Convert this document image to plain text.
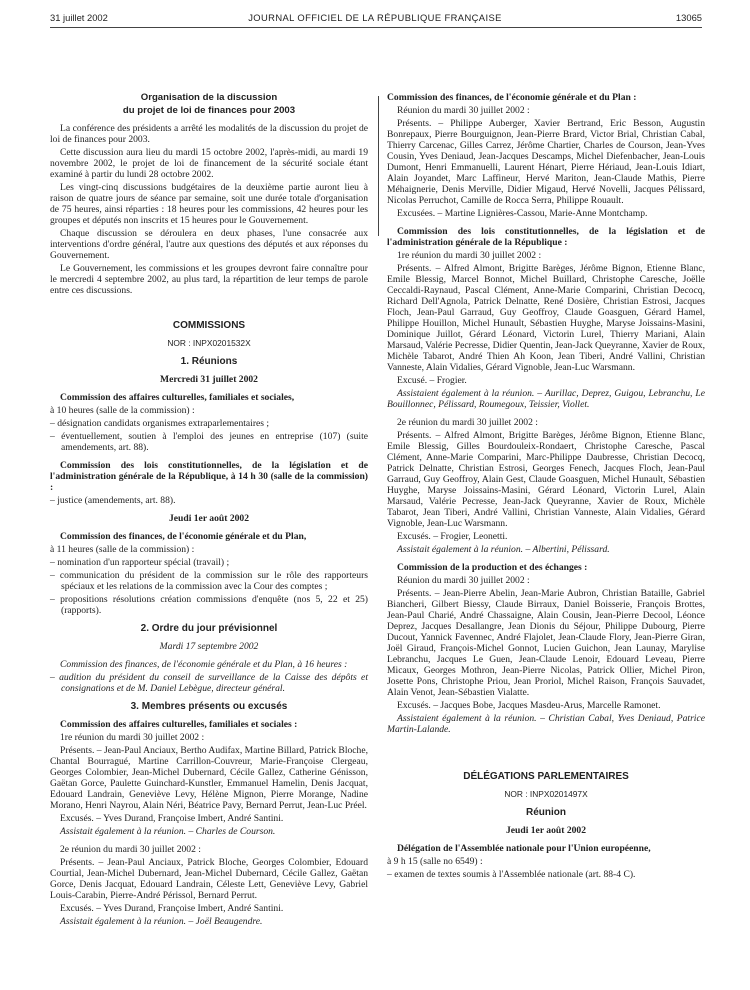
31 juillet 2002	JOURNAL OFFICIEL DE LA RÉPUBLIQUE FRANÇAISE	13065

Organisation de la discussion

du projet de loi de finances pour 2003

La conférence des présidents a arrêté les modalités de la discussion du projet de loi de finances pour 2003.

Cette discussion aura lieu du mardi 15 octobre 2002, l'après-midi, au mardi 19 novembre 2002, le projet de loi de financement de la sécurité sociale étant examiné à partir du lundi 28 octobre 2002.

Les vingt-cinq discussions budgétaires de la deuxième partie auront lieu à raison de quatre jours de séance par semaine, soit une durée totale d'organisation de 75 heures, ainsi réparties : 18 heures pour les commissions, 42 heures pour les groupes et députés non inscrits et 15 heures pour le Gouvernement.

Chaque discussion se déroulera en deux phases, l'une consacrée aux interventions d'ordre général, l'autre aux questions des députés et aux réponses du Gouvernement.

Le Gouvernement, les commissions et les groupes devront faire connaître pour le mercredi 4 septembre 2002, au plus tard, la répartition de leur temps de parole entre ces discussions.

COMMISSIONS

NOR : INPX0201532X

1. Réunions

Mercredi 31 juillet 2002

Commission des affaires culturelles, familiales et sociales,

à 10 heures (salle de la commission) :

– désignation candidats organismes extraparlementaires ;

– éventuellement, soutien à l'emploi des jeunes en entreprise (107) (suite amendements, art. 88).

Commission des lois constitutionnelles, de la législation et de l'administration générale de la République, à 14 h 30 (salle de la commission) :

– justice (amendements, art. 88).

Jeudi 1er août 2002

Commission des finances, de l'économie générale et du Plan,

à 11 heures (salle de la commission) :

– nomination d'un rapporteur spécial (travail) ;

– communication du président de la commission sur le rôle des rapporteurs spéciaux et les relations de la commission avec la Cour des comptes ;

– propositions résolutions création commissions d'enquête (nos 5, 22 et 25) (rapports).

2. Ordre du jour prévisionnel

Mardi 17 septembre 2002

Commission des finances, de l'économie générale et du Plan, à 16 heures :

– audition du président du conseil de surveillance de la Caisse des dépôts et consignations et de M. Daniel Lebègue, directeur général.

3. Membres présents ou excusés

Commission des affaires culturelles, familiales et sociales :

1re réunion du mardi 30 juillet 2002 :

Présents. – Jean-Paul Anciaux, Bertho Audifax, Martine Billard, Patrick Bloche, Chantal Bourragué, Martine Carrillon-Couvreur, Marie-Françoise Clergeau, Georges Colombier, Jean-Michel Dubernard, Cécile Gallez, Catherine Génisson, Gaëtan Gorce, Paulette Guinchard-Kunstler, Emmanuel Hamelin, Denis Jacquat, Edouard Landrain, Geneviève Levy, Hélène Mignon, Pierre Morange, Nadine Morano, Henri Nayrou, Alain Néri, Béatrice Pavy, Bernard Perrut, Jean-Luc Préel.

Excusés. – Yves Durand, Françoise Imbert, André Santini.

Assistait également à la réunion. – Charles de Courson.

2e réunion du mardi 30 juillet 2002 :

Présents. – Jean-Paul Anciaux, Patrick Bloche, Georges Colombier, Edouard Courtial, Jean-Michel Dubernard, Jean-Michel Dubernard, Cécile Gallez, Gaëtan Gorce, Denis Jacquat, Edouard Landrain, Céleste Lett, Geneviève Levy, Gabriel Louis-Carabin, Pierre-André Périssol, Bernard Perrut.

Excusés. – Yves Durand, Françoise Imbert, André Santini.

Assistait également à la réunion. – Joël Beaugendre.

Commission des finances, de l'économie générale et du Plan :

Réunion du mardi 30 juillet 2002 :

Présents. – Philippe Auberger, Xavier Bertrand, Eric Besson, Augustin Bonrepaux, Pierre Bourguignon, Jean-Pierre Brard, Victor Brial, Christian Cabal, Thierry Carcenac, Gilles Carrez, Jérôme Chartier, Charles de Courson, Jean-Yves Cousin, Yves Deniaud, Jean-Jacques Descamps, Michel Diefenbacher, Jean-Louis Dumont, Henri Emmanuelli, Laurent Hénart, Pierre Hériaud, Jean-Louis Idiart, Alain Joyandet, Marc Laffineur, Hervé Mariton, Jean-Claude Mathis, Pierre Méhaignerie, Denis Merville, Didier Migaud, Hervé Novelli, Jacques Pélissard, Nicolas Perruchot, Camille de Rocca Serra, Philippe Rouault.

Excusées. – Martine Lignières-Cassou, Marie-Anne Montchamp.

Commission des lois constitutionnelles, de la législation et de l'administration générale de la République :

1re réunion du mardi 30 juillet 2002 :

Présents. – Alfred Almont, Brigitte Barèges, Jérôme Bignon, Etienne Blanc, Emile Blessig, Marcel Bonnot, Michel Buillard, Christophe Caresche, Joëlle Ceccaldi-Raynaud, Pascal Clément, Anne-Marie Comparini, Christian Decocq, Richard Dell'Agnola, Patrick Delnatte, René Dosière, Christian Estrosi, Jacques Floch, Jean-Paul Garraud, Guy Geoffroy, Claude Goasguen, Gérard Hamel, Philippe Houillon, Michel Hunault, Sébastien Huyghe, Maryse Joissains-Masini, Dominique Juillot, Gérard Léonard, Victorin Lurel, Thierry Mariani, Alain Marsaud, Valérie Pecresse, Didier Quentin, Jean-Jack Queyranne, Xavier de Roux, Michèle Tabarot, André Thien Ah Koon, Jean Tiberi, André Vallini, Christian Vanneste, Alain Vidalies, Gérard Vignoble, Jean-Luc Warsmann.

Excusé. – Frogier.

Assistaient également à la réunion. – Aurillac, Deprez, Guigou, Lebranchu, Le Bouillonnec, Pélissard, Roumegoux, Teissier, Viollet.

2e réunion du mardi 30 juillet 2002 :

Présents. – Alfred Almont, Brigitte Barèges, Jérôme Bignon, Etienne Blanc, Emile Blessig, Gilles Bourdouleix-Rondaert, Christophe Caresche, Pascal Clément, Anne-Marie Comparini, Marc-Philippe Daubresse, Christian Decocq, Patrick Delnatte, Christian Estrosi, Georges Fenech, Jacques Floch, Jean-Paul Garraud, Guy Geoffroy, Alain Gest, Claude Goasguen, Michel Hunault, Sébastien Huyghe, Maryse Joissains-Masini, Gérard Léonard, Victorin Lurel, Alain Marsaud, Valérie Pecresse, Jean-Jack Queyranne, Xavier de Roux, Michèle Tabarot, Jean Tiberi, André Vallini, Christian Vanneste, Alain Vidalies, Gérard Vignoble, Jean-Luc Warsmann.

Excusés. – Frogier, Leonetti.

Assistait également à la réunion. – Albertini, Pélissard.

Commission de la production et des échanges :

Réunion du mardi 30 juillet 2002 :

Présents. – Jean-Pierre Abelin, Jean-Marie Aubron, Christian Bataille, Gabriel Biancheri, Gilbert Biessy, Claude Birraux, Daniel Boisserie, François Brottes, Jean-Paul Charié, André Chassaigne, Alain Cousin, Jean-Pierre Decool, Léonce Deprez, Jacques Desallangre, Jean Dionis du Séjour, Philippe Dubourg, Pierre Ducout, Yannick Favennec, André Flajolet, Jean-Claude Flory, Jean-Pierre Giran, Joël Giraud, François-Michel Gonnot, Lucien Guichon, Jean Launay, Marylise Lebranchu, Jacques Le Guen, Jean-Claude Lenoir, Edouard Leveau, Pierre Micaux, Georges Mothron, Jean-Pierre Nicolas, Patrick Ollier, Michel Piron, Josette Pons, Christophe Priou, Jean Proriol, Michel Raison, François Sauvadet, Alain Venot, Jean-Sébastien Vialatte.

Excusés. – Jacques Bobe, Jacques Masdeu-Arus, Marcelle Ramonet.

Assistaient également à la réunion. – Christian Cabal, Yves Deniaud, Patrice Martin-Lalande.

DÉLÉGATIONS PARLEMENTAIRES

NOR : INPX0201497X

Réunion

Jeudi 1er août 2002

Délégation de l'Assemblée nationale pour l'Union européenne,

à 9 h 15 (salle no 6549) :

– examen de textes soumis à l'Assemblée nationale (art. 88-4 C).
